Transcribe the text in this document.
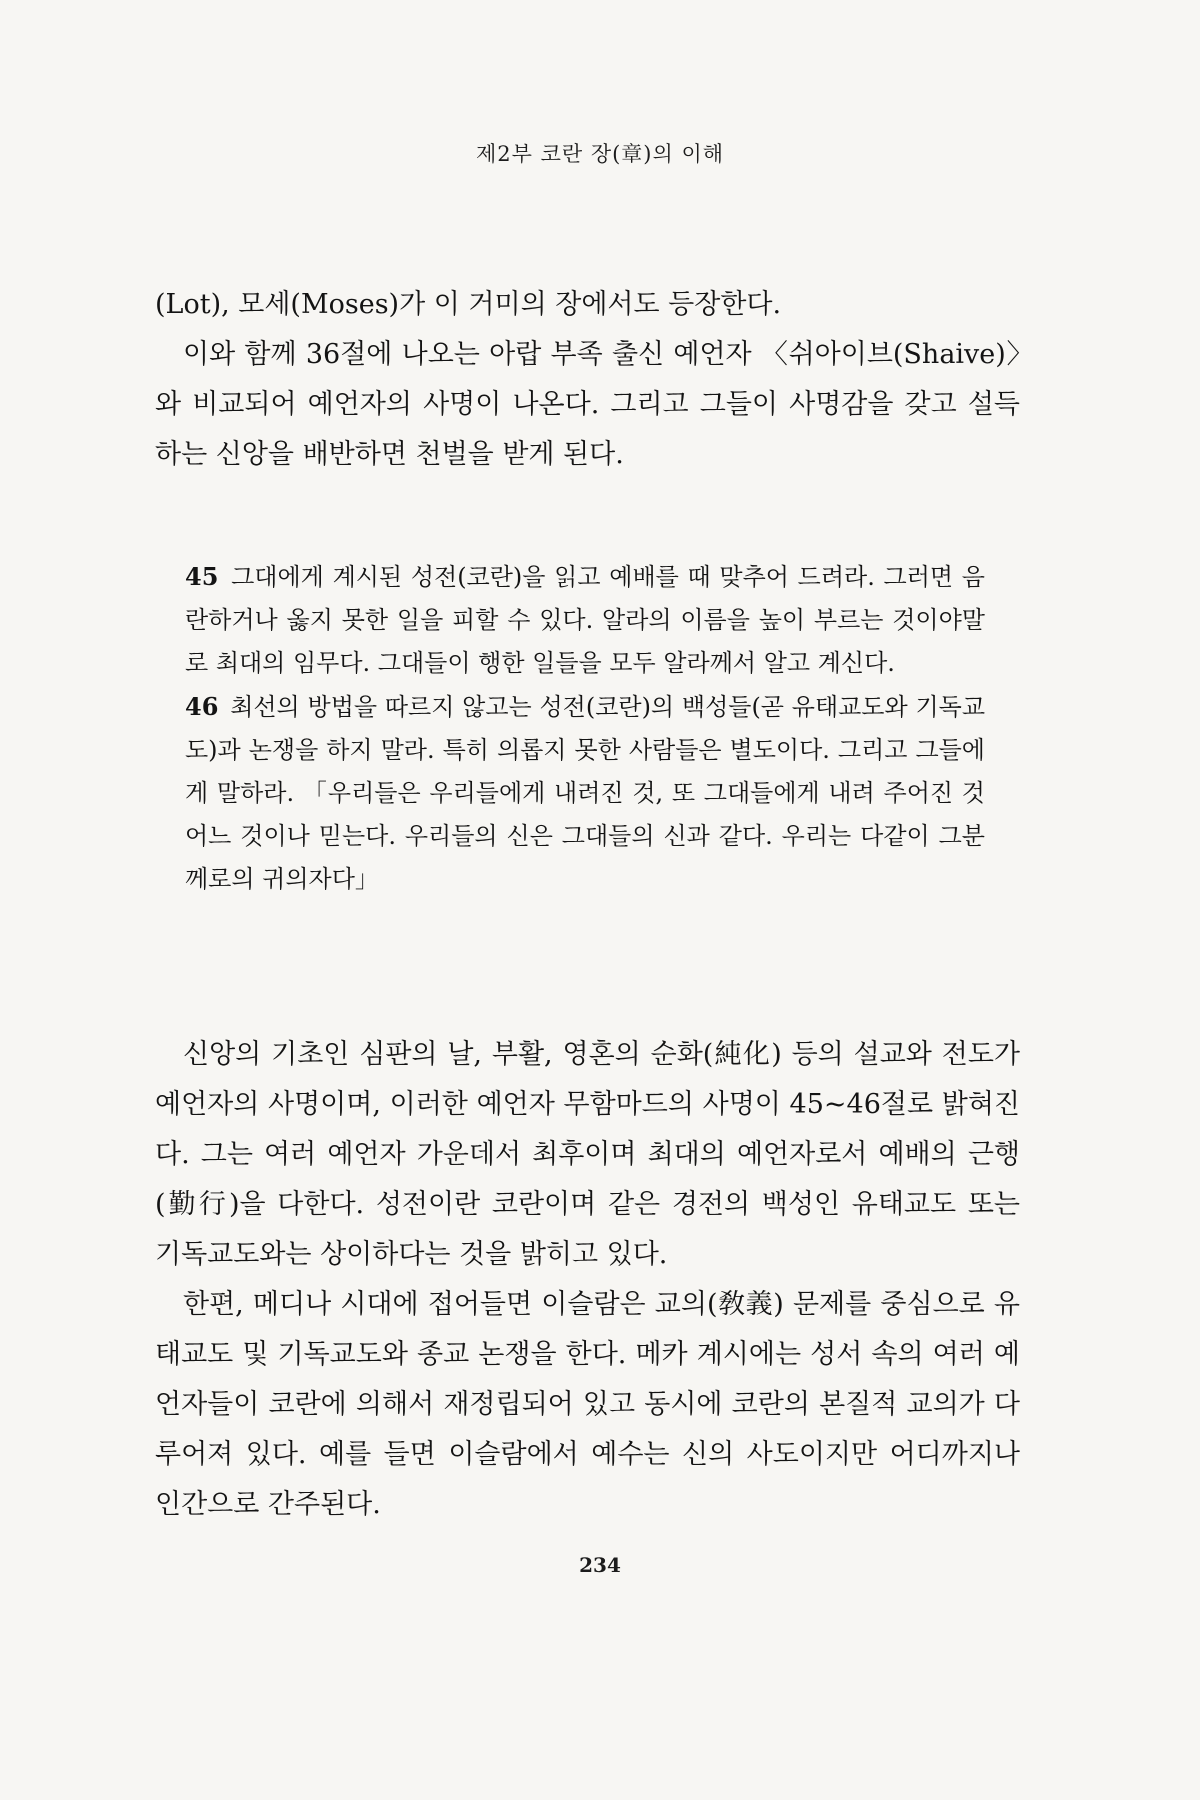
제2부 코란 장(章)의 이해

(Lot), 모세(Moses)가 이 거미의 장에서도 등장한다.

이와 함께 36절에 나오는 아랍 부족 출신 예언자 〈쉬아이브(Shaive)〉와 비교되어 예언자의 사명이 나온다. 그리고 그들이 사명감을 갖고 설득하는 신앙을 배반하면 천벌을 받게 된다.

45 그대에게 계시된 성전(코란)을 읽고 예배를 때 맞추어 드려라. 그러면 음란하거나 옳지 못한 일을 피할 수 있다. 알라의 이름을 높이 부르는 것이야말로 최대의 임무다. 그대들이 행한 일들을 모두 알라께서 알고 계신다.

46 최선의 방법을 따르지 않고는 성전(코란)의 백성들(곧 유태교도와 기독교도)과 논쟁을 하지 말라. 특히 의롭지 못한 사람들은 별도이다. 그리고 그들에게 말하라. 「우리들은 우리들에게 내려진 것, 또 그대들에게 내려 주어진 것 어느 것이나 믿는다. 우리들의 신은 그대들의 신과 같다. 우리는 다같이 그분께로의 귀의자다」

신앙의 기초인 심판의 날, 부활, 영혼의 순화(純化) 등의 설교와 전도가 예언자의 사명이며, 이러한 예언자 무함마드의 사명이 45~46절로 밝혀진다. 그는 여러 예언자 가운데서 최후이며 최대의 예언자로서 예배의 근행(勤行)을 다한다. 성전이란 코란이며 같은 경전의 백성인 유태교도 또는 기독교도와는 상이하다는 것을 밝히고 있다.

한편, 메디나 시대에 접어들면 이슬람은 교의(敎義) 문제를 중심으로 유태교도 및 기독교도와 종교 논쟁을 한다. 메카 계시에는 성서 속의 여러 예언자들이 코란에 의해서 재정립되어 있고 동시에 코란의 본질적 교의가 다루어져 있다. 예를 들면 이슬람에서 예수는 신의 사도이지만 어디까지나 인간으로 간주된다.

234
